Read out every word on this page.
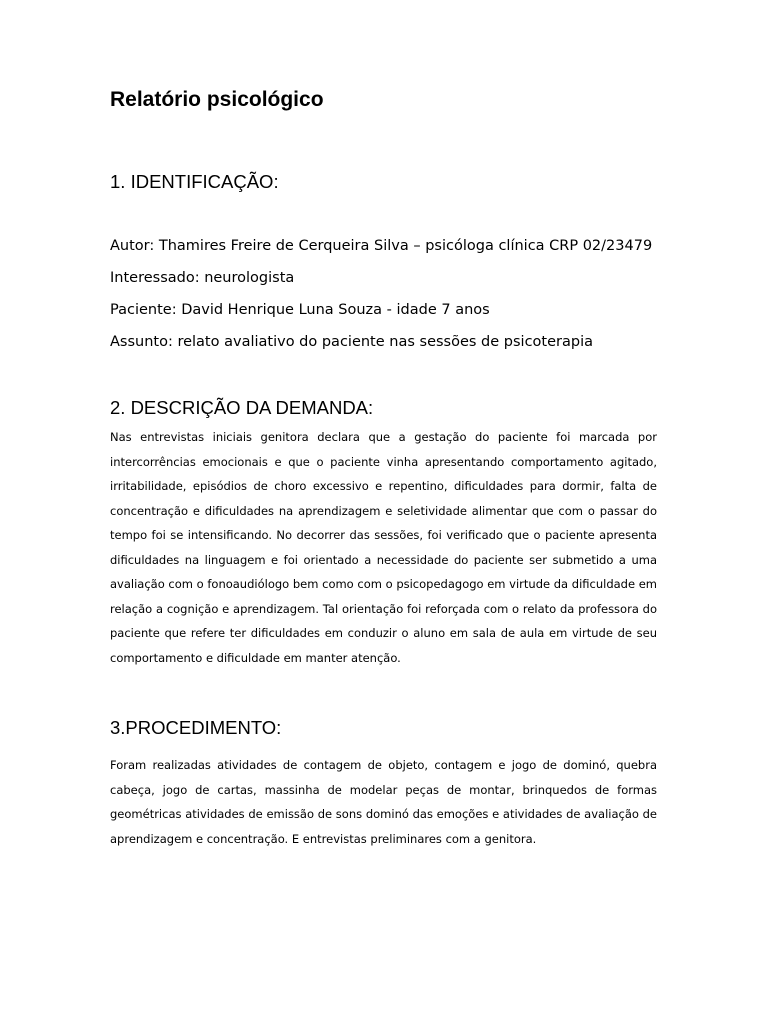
Relatório psicológico
1. IDENTIFICAÇÃO:

Autor: Thamires Freire de Cerqueira Silva – psicóloga clínica CRP 02/23479

Interessado: neurologista

Paciente: David Henrique Luna Souza - idade 7 anos

Assunto: relato avaliativo do paciente nas sessões de psicoterapia

2. DESCRIÇÃO DA DEMANDA:
Nas entrevistas iniciais genitora declara que a gestação do paciente foi marcada por
intercorrências emocionais e que o paciente vinha apresentando comportamento agitado,
irritabilidade, episódios de choro excessivo e repentino, dificuldades para dormir, falta de
concentração e dificuldades na aprendizagem e seletividade alimentar que com o passar do
tempo foi se intensificando. No decorrer das sessões, foi verificado que o paciente apresenta
dificuldades na linguagem e foi orientado a necessidade do paciente ser submetido a uma
avaliação com o fonoaudiólogo bem como com o psicopedagogo em virtude da dificuldade em
relação a cognição e aprendizagem. Tal orientação foi reforçada com o relato da professora do
paciente que refere ter dificuldades em conduzir o aluno em sala de aula em virtude de seu
comportamento e dificuldade em manter atenção.
3.PROCEDIMENTO:
Foram realizadas atividades de contagem de objeto, contagem e jogo de dominó, quebra
cabeça, jogo de cartas, massinha de modelar peças de montar, brinquedos de formas
geométricas atividades de emissão de sons dominó das emoções e atividades de avaliação de
aprendizagem e concentração. E entrevistas preliminares com a genitora.
